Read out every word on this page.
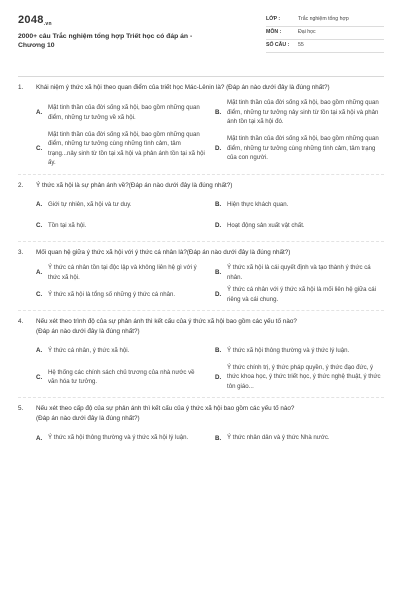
2048.vn
2000+ câu Trắc nghiệm tổng hợp Triết học có đáp án - Chương 10
LỚP :	Trắc nghiệm tổng hợp
MÔN :	Đại học
SỐ CÂU :	55
1.	Khái niệm ý thức xã hội theo quan điểm của triết học Mác-Lênin là? (Đáp án nào dưới đây là đúng nhất?)
A.
Mặt tinh thần của đời sống xã hội, bao gồm những quan điểm, những tư tưởng về xã hội.
B.
Mặt tinh thần của đời sống xã hội, bao gồm những quan điểm, những tư tưởng nảy sinh từ tồn tại xã hội và phản ánh tồn tại xã hội đó.
C.
Mặt tinh thần của đời sống xã hội, bao gồm những quan điểm, những tư tưởng cùng những tình cảm, tâm trạng...nảy sinh từ tồn tại xã hội và phản ánh tồn tại xã hội ấy.
D.
Mặt tinh thần của đời sống xã hội, bao gồm những quan điểm, những tư tưởng cùng những tình cảm, tâm trạng của con người.
2.	Ý thức xã hội là sự phản ánh về?(Đáp án nào dưới đây là đúng nhất?)
A. Giới tự nhiên, xã hội và tư duy.	B. Hiện thực khách quan.
C. Tồn tại xã hội.	D. Hoạt động sản xuất vật chất.
3.	Mối quan hệ giữa ý thức xã hội với ý thức cá nhân là?(Đáp án nào dưới đây là đúng nhất?)
A.
Ý thức cá nhân tồn tại độc lập và không liên hệ gì với ý thức xã hội.
B.
Ý thức xã hội là cái quyết định và tạo thành ý thức cá nhân.
C. Ý thức xã hội là tổng số những ý thức cá nhân.	D.
Ý thức cá nhân với ý thức xã hội là mối liên hệ giữa cái riêng và cái chung.
4.	Nếu xét theo trình độ của sự phản ánh thì kết cấu của ý thức xã hội bao gồm các yếu tố nào?
(Đáp án nào dưới đây là đúng nhất?)
A. Ý thức cá nhân, ý thức xã hội.	B. Ý thức xã hội thông thường và ý thức lý luận.
C.
Hệ thống các chính sách chủ trương của nhà nước về văn hóa tư tưởng.
D.
Ý thức chính trị, ý thức pháp quyền, ý thức đạo đức, ý thức khoa học, ý thức triết học, ý thức nghệ thuật, ý thức tôn giáo...
5.	Nếu xét theo cấp độ của sự phản ánh thì kết cấu của ý thức xã hội bao gồm các yếu tố nào?
(Đáp án nào dưới đây là đúng nhất?)
A. Ý thức xã hội thông thường và ý thức xã hội lý luận.	B. Ý thức nhân dân và ý thức Nhà nước.
